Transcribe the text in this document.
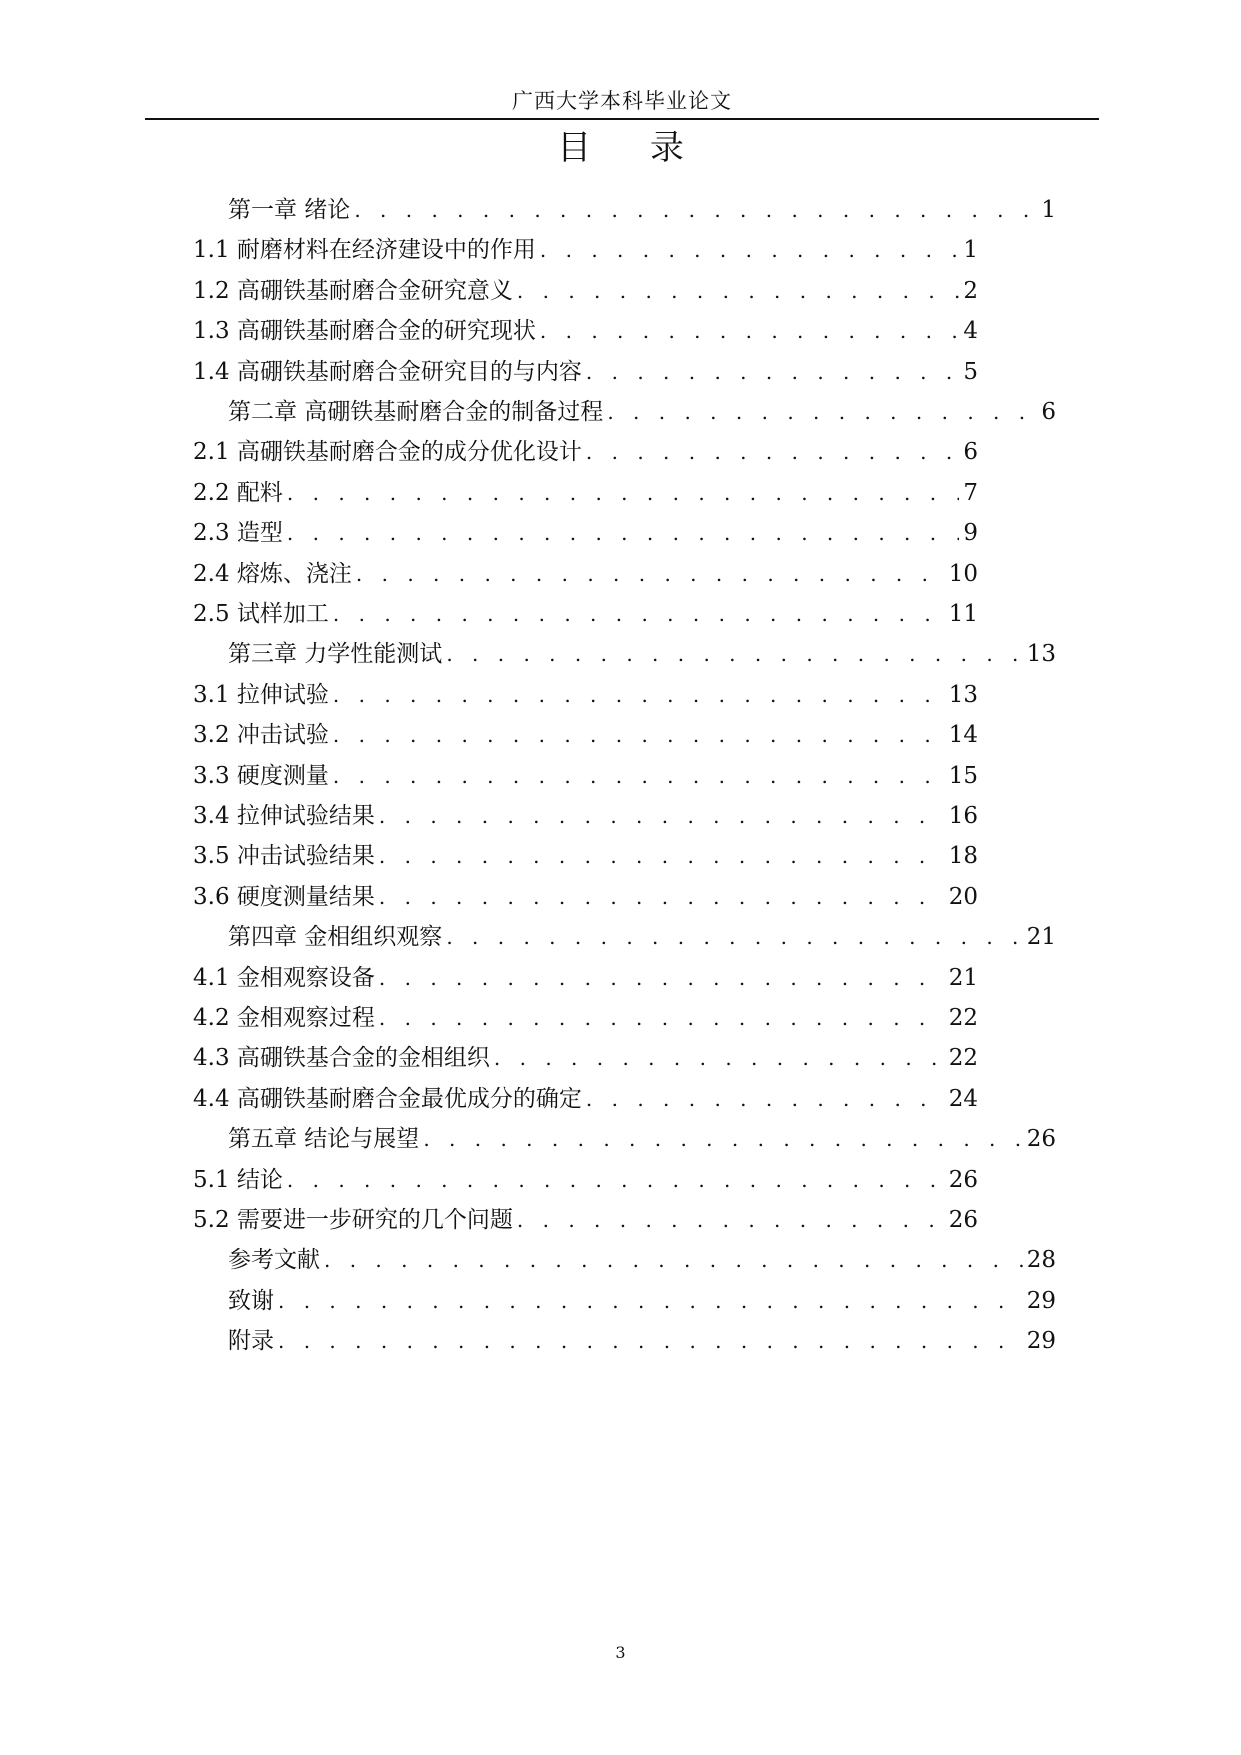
广西大学本科毕业论文
目 录
第一章 绪论 . . .	1
1.1 耐磨材料在经济建设中的作用 . . .	1
1.2 高硼铁基耐磨合金研究意义 . . .	2
1.3 高硼铁基耐磨合金的研究现状 . . .	4
1.4 高硼铁基耐磨合金研究目的与内容 . . .	5
第二章 高硼铁基耐磨合金的制备过程 . . .	6
2.1 高硼铁基耐磨合金的成分优化设计 . . .	6
2.2 配料 . . .	7
2.3 造型 . . .	9
2.4 熔炼、浇注 . . .	10
2.5 试样加工 . . .	11
第三章 力学性能测试 . . .	13
3.1 拉伸试验 . . .	13
3.2 冲击试验 . . .	14
3.3 硬度测量 . . .	15
3.4 拉伸试验结果 . . .	16
3.5 冲击试验结果 . . .	18
3.6 硬度测量结果 . . .	20
第四章 金相组织观察 . . .	21
4.1 金相观察设备 . . .	21
4.2 金相观察过程 . . .	22
4.3 高硼铁基合金的金相组织 . . .	22
4.4 高硼铁基耐磨合金最优成分的确定 . . .	24
第五章 结论与展望 . . .	26
5.1 结论 . . .	26
5.2 需要进一步研究的几个问题 . . .	26
参考文献 . . .	28
致谢 . . .	29
附录 . . .	29
3
